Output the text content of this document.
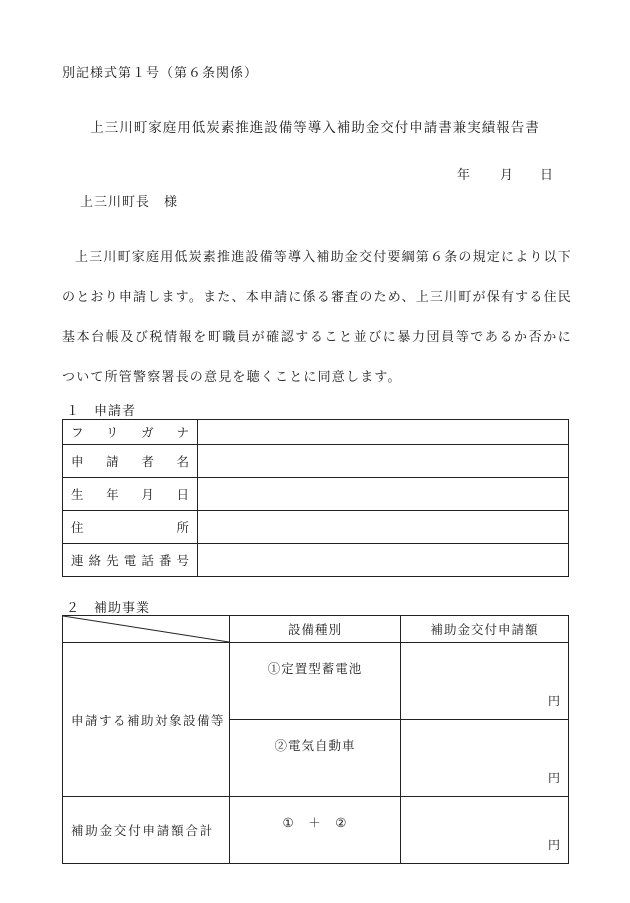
別記様式第１号（第６条関係）
上三川町家庭用低炭素推進設備等導入補助金交付申請書兼実績報告書
年 月 日
上三川町長　様
上三川町家庭用低炭素推進設備等導入補助金交付要綱第６条の規定により以下のとおり申請します。また、本申請に係る審査のため、上三川町が保有する住民基本台帳及び税情報を町職員が確認すること並びに暴力団員等であるか否かについて所管警察署長の意見を聴くことに同意します。
１　申請者
フリガナ	
申請者名	
生年月日	
住所	
連絡先電話番号	
２　補助事業
	設備種別	補助金交付申請額
申請する補助対象設備等	①定置型蓄電池	円
	②電気自動車	円
補助金交付申請額合計	①　＋　②	円
